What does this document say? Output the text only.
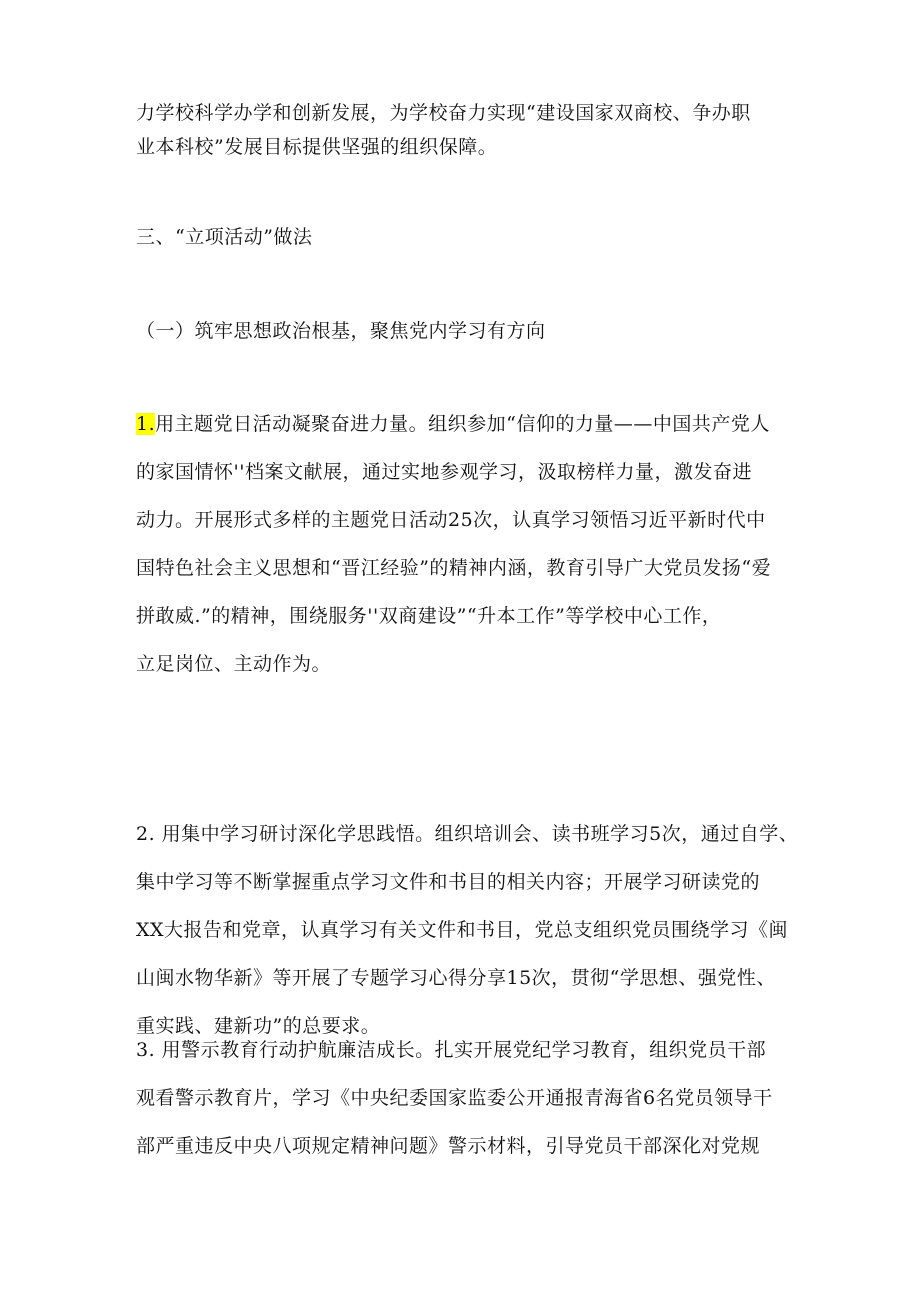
力学校科学办学和创新发展，为学校奋力实现“建设国家双商校、争办职
业本科校”发展目标提供坚强的组织保障。

三、“立项活动”做法

（一）筑牢思想政治根基，聚焦党内学习有方向

1.用主题党日活动凝聚奋进力量。组织参加“信仰的力量——中国共产党人
的家国情怀''档案文献展，通过实地参观学习，汲取榜样力量，激发奋进
动力。开展形式多样的主题党日活动25次，认真学习领悟习近平新时代中
国特色社会主义思想和“晋江经验”的精神内涵，教育引导广大党员发扬“爱
拼敢威.”的精神，围绕服务''双商建设”“升本工作”等学校中心工作，
立足岗位、主动作为。

2. 用集中学习研讨深化学思践悟。组织培训会、读书班学习5次，通过自学、
集中学习等不断掌握重点学习文件和书目的相关内容；开展学习研读党的
XX大报告和党章，认真学习有关文件和书目，党总支组织党员围绕学习《闽
山闽水物华新》等开展了专题学习心得分享15次，贯彻“学思想、强党性、
重实践、建新功”的总要求。

3. 用警示教育行动护航廉洁成长。扎实开展党纪学习教育，组织党员干部
观看警示教育片，学习《中央纪委国家监委公开通报青海省6名党员领导干
部严重违反中央八项规定精神问题》警示材料，引导党员干部深化对党规
